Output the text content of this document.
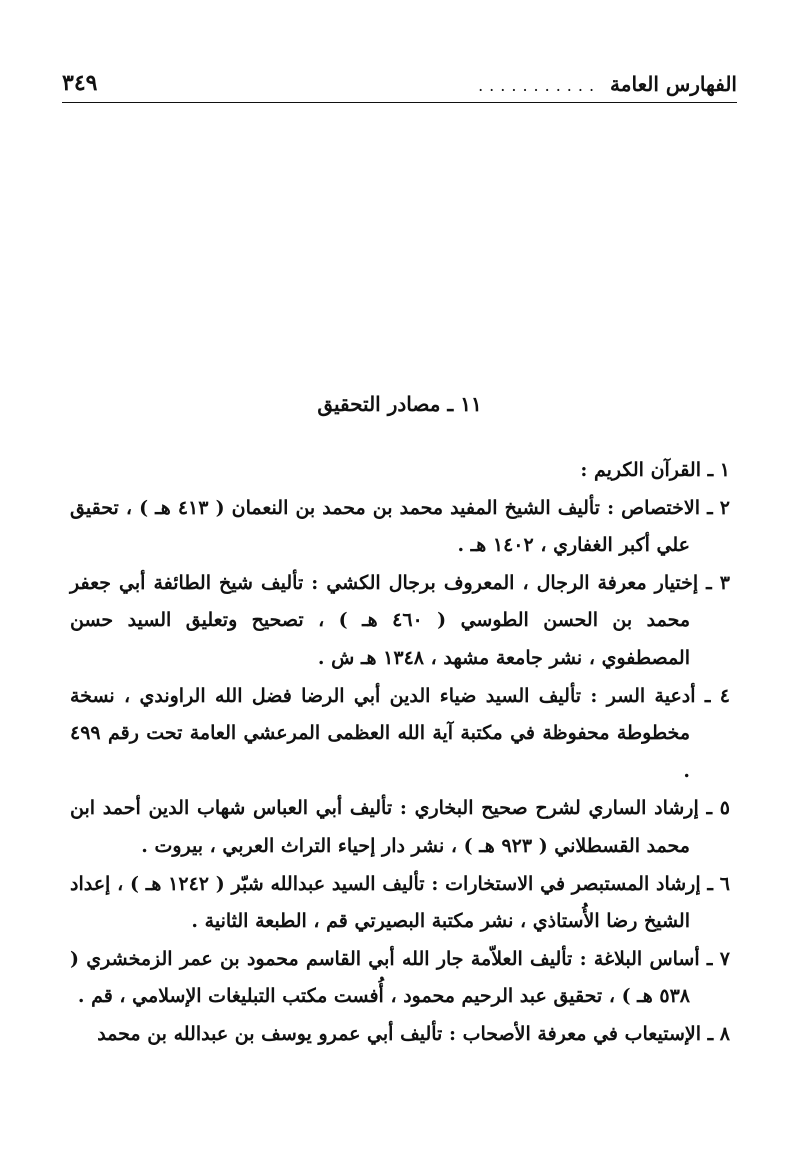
الفهارس العامة
...........
٣٤٩
١١ ـ مصادر التحقيق

١ ـ القرآن الكريم :

٢ ـ الاختصاص : تأليف الشيخ المفيد محمد بن محمد بن النعمان ( ٤١٣ هـ ) ، تحقيق علي أكبر الغفاري ، ١٤٠٢ هـ .

٣ ـ إختيار معرفة الرجال ، المعروف برجال الكشي : تأليف شيخ الطائفة أبي جعفر محمد بن الحسن الطوسي ( ٤٦٠ هـ ) ، تصحيح وتعليق السيد حسن المصطفوي ، نشر جامعة مشهد ، ١٣٤٨ هـ ش .

٤ ـ أدعية السر : تأليف السيد ضياء الدين أبي الرضا فضل الله الراوندي ، نسخة مخطوطة محفوظة في مكتبة آية الله العظمى المرعشي العامة تحت رقم ٤٩٩ .

٥ ـ إرشاد الساري لشرح صحيح البخاري : تأليف أبي العباس شهاب الدين أحمد ابن محمد القسطلاني ( ٩٢٣ هـ ) ، نشر دار إحياء التراث العربي ، بيروت .

٦ ـ إرشاد المستبصر في الاستخارات : تأليف السيد عبدالله شبّر ( ١٢٤٢ هـ ) ، إعداد الشيخ رضا الأُستاذي ، نشر مكتبة البصيرتي قم ، الطبعة الثانية .

٧ ـ أساس البلاغة : تأليف العلاّمة جار الله أبي القاسم محمود بن عمر الزمخشري ( ٥٣٨ هـ ) ، تحقيق عبد الرحيم محمود ، أُفست مكتب التبليغات الإسلامي ، قم .

٨ ـ الإستيعاب في معرفة الأصحاب : تأليف أبي عمرو يوسف بن عبدالله بن محمد
